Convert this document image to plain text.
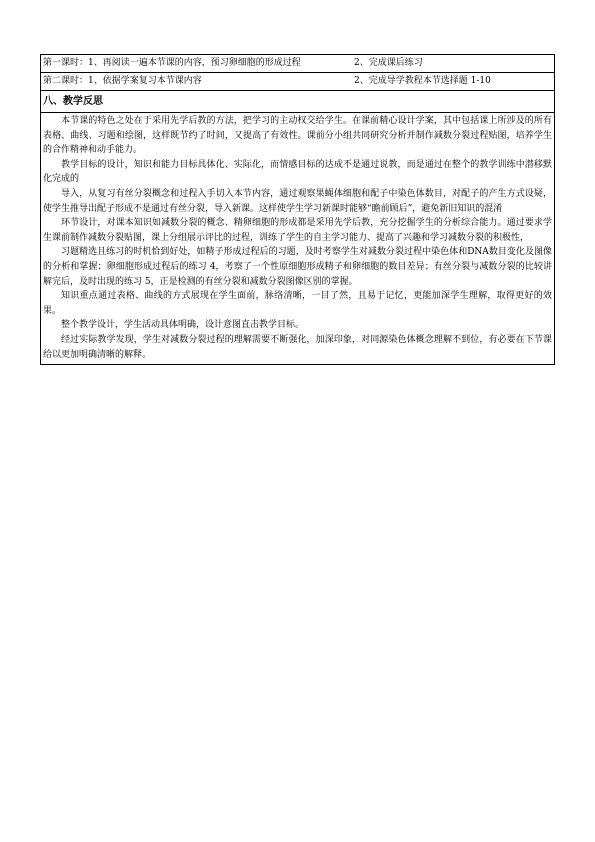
第一课时：1、再阅读一遍本节课的内容，预习卵细胞的形成过程	2、完成课后练习
第二课时：1、依据学案复习本节课内容	2、完成导学教程本节选择题 1-10
八、教学反思

本节课的特色之处在于采用先学后教的方法，把学习的主动权交给学生。在课前精心设计学案，其中包括课上所涉及的所有表格、曲线、习题和绘图，这样既节约了时间，又提高了有效性。课前分小组共同研究分析并制作减数分裂过程贴图，培养学生的合作精神和动手能力。

教学目标的设计，知识和能力目标具体化、实际化，而情感目标的达成不是通过说教，而是通过在整个的教学训练中潜移默化完成的

导入，从复习有丝分裂概念和过程入手切入本节内容，通过观察果蝇体细胞和配子中染色体数目，对配子的产生方式设疑，使学生推导出配子形成不是通过有丝分裂，导入新课。这样使学生学习新课时能够“瞻前顾后”，避免新旧知识的混淆

环节设计，对课本知识如减数分裂的概念、精卵细胞的形成都是采用先学后教，充分挖掘学生的分析综合能力。通过要求学生课前制作减数分裂贴图，课上分组展示评比的过程，训练了学生的自主学习能力、提高了兴趣和学习减数分裂的积极性，

习题精选且练习的时机恰到好处，如精子形成过程后的习题，及时考察学生对减数分裂过程中染色体和DNA数目变化及图像的分析和掌握；卵细胞形成过程后的练习 4，考察了一个性原细胞形成精子和卵细胞的数目差异；有丝分裂与减数分裂的比较讲解完后，及时出现的练习 5，正是检测的有丝分裂和减数分裂图像区别的掌握。

知识重点通过表格、曲线的方式展现在学生面前，脉络清晰，一目了然，且易于记忆，更能加深学生理解，取得更好的效果。

整个教学设计，学生活动具体明确，设计意图直击教学目标。

经过实际教学发现，学生对减数分裂过程的理解需要不断强化，加深印象，对同源染色体概念理解不到位，有必要在下节课给以更加明确清晰的解释。
